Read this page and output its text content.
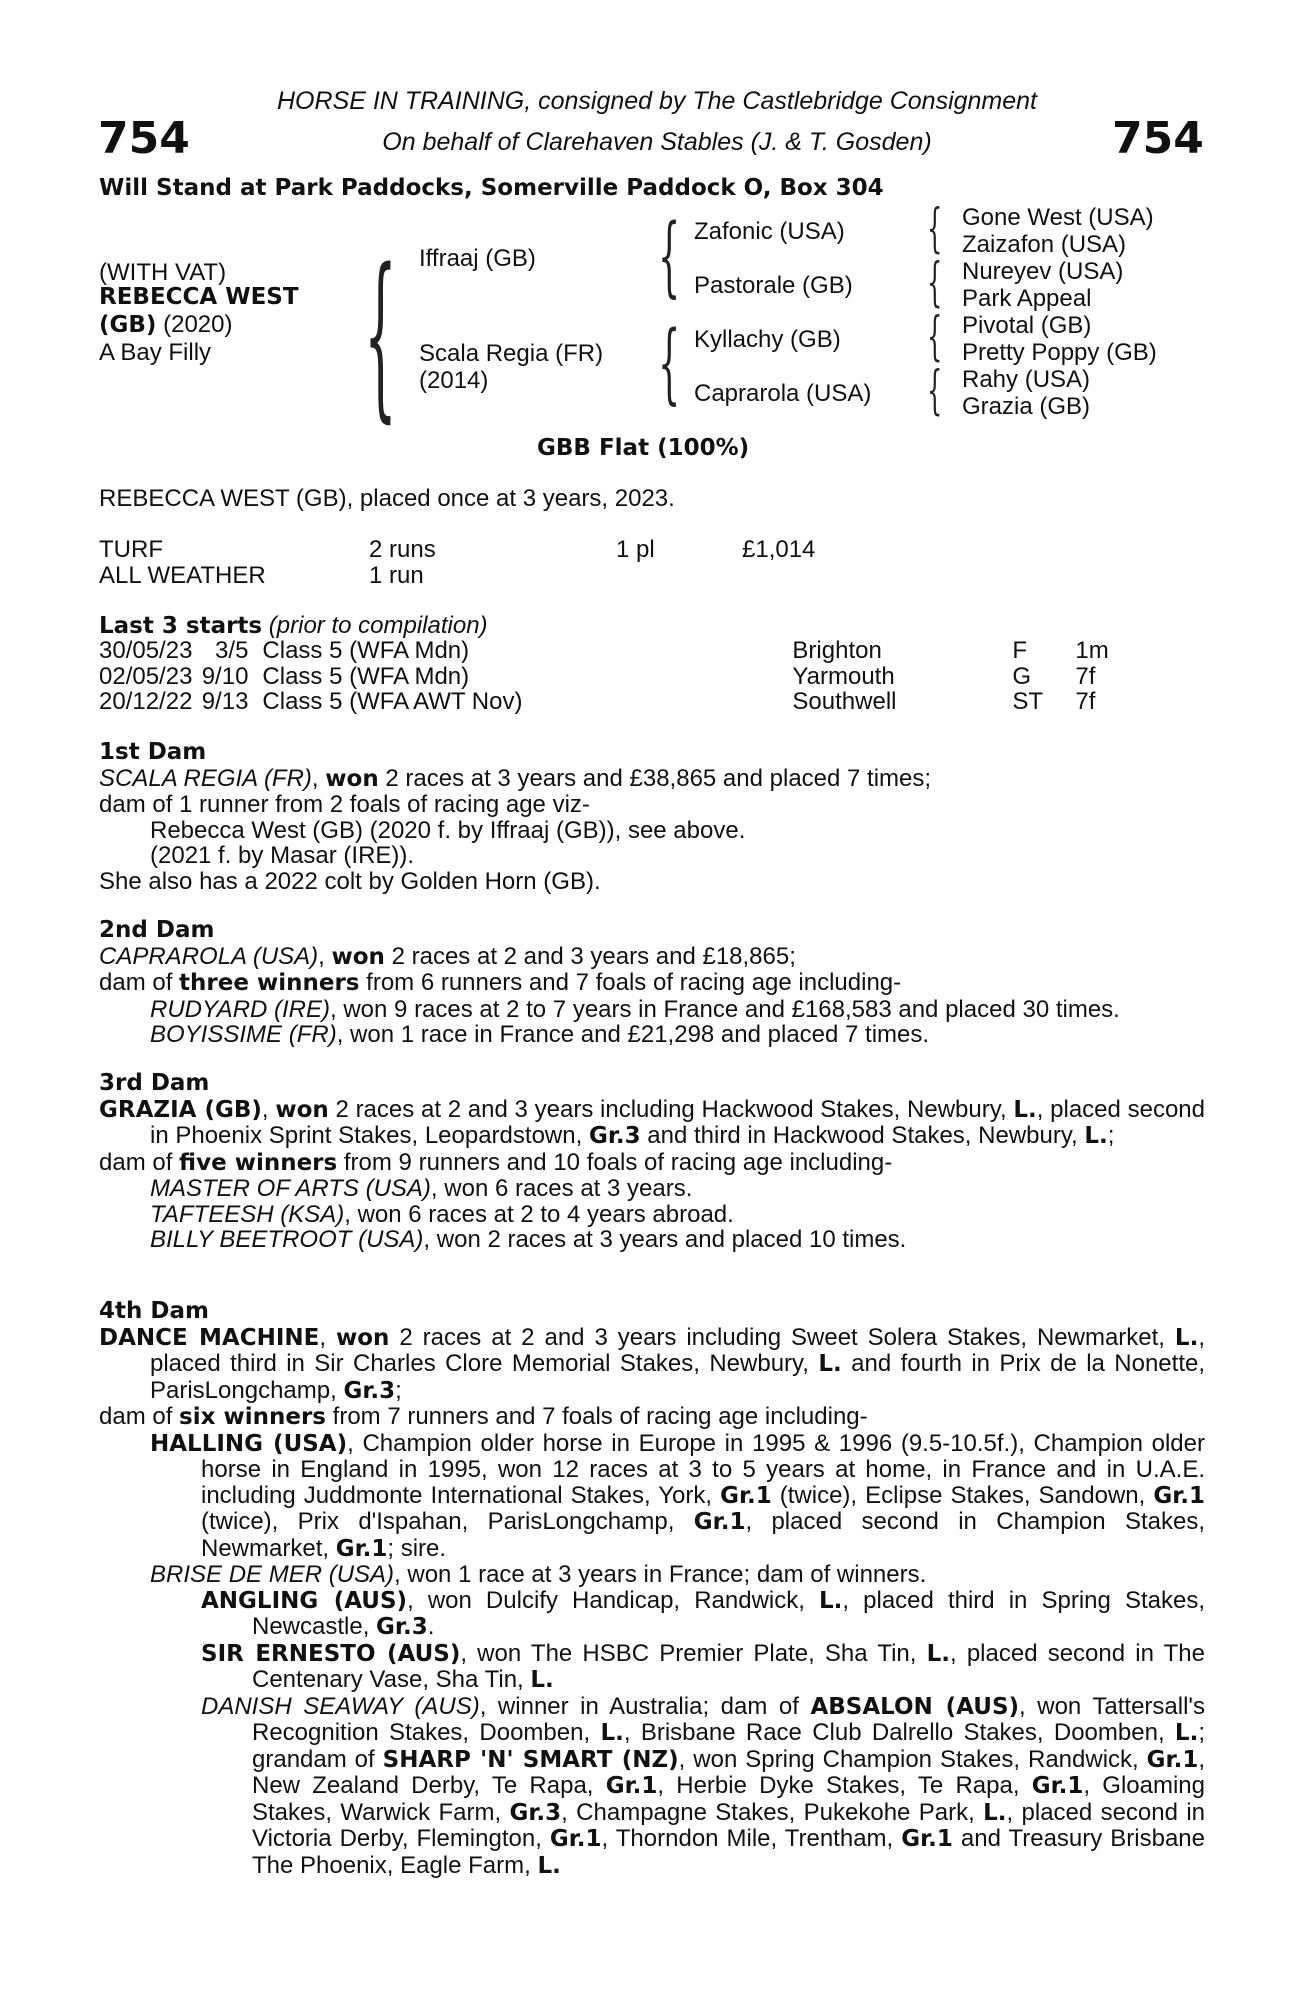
754	754
HORSE IN TRAINING, consigned by The Castlebridge Consignment
On behalf of Clarehaven Stables (J. & T. Gosden)
Will Stand at Park Paddocks, Somerville Paddock O, Box 304
(WITH VAT)
REBECCA WEST
(GB) (2020)
A Bay Filly {	{
{
{
{
{
{
Iffraaj (GB)
Scala Regia (FR)
(2014)
Zafonic (USA)
Pastorale (GB)
Kyllachy (GB)
Caprarola (USA)
Gone West (USA)
Zaizafon (USA)
Nureyev (USA)
Park Appeal
Pivotal (GB)
Pretty Poppy (GB)
Rahy (USA)
Grazia (GB)
GBB Flat (100%)
REBECCA WEST (GB), placed once at 3 years, 2023.
TURF	2 runs	1 pl	£1,014
ALL WEATHER	1 run
Last 3 starts (prior to compilation)
30/05/23	3/5	Class 5 (WFA Mdn)	Brighton	F	1m
02/05/23	9/10	Class 5 (WFA Mdn)	Yarmouth	G	7f
20/12/22	9/13	Class 5 (WFA AWT Nov)	Southwell	ST	7f
1st Dam
SCALA REGIA (FR), won 2 races at 3 years and £38,865 and placed 7 times;
dam of 1 runner from 2 foals of racing age viz-
Rebecca West (GB) (2020 f. by Iffraaj (GB)), see above.
(2021 f. by Masar (IRE)).
She also has a 2022 colt by Golden Horn (GB).
2nd Dam
CAPRAROLA (USA), won 2 races at 2 and 3 years and £18,865;
dam of three winners from 6 runners and 7 foals of racing age including-
RUDYARD (IRE), won 9 races at 2 to 7 years in France and £168,583 and placed 30 times.
BOYISSIME (FR), won 1 race in France and £21,298 and placed 7 times.
3rd Dam
GRAZIA (GB), won 2 races at 2 and 3 years including Hackwood Stakes, Newbury, L., placed second in Phoenix Sprint Stakes, Leopardstown, Gr.3 and third in Hackwood Stakes, Newbury, L.;
dam of five winners from 9 runners and 10 foals of racing age including-
MASTER OF ARTS (USA), won 6 races at 3 years.
TAFTEESH (KSA), won 6 races at 2 to 4 years abroad.
BILLY BEETROOT (USA), won 2 races at 3 years and placed 10 times.
4th Dam
DANCE MACHINE, won 2 races at 2 and 3 years including Sweet Solera Stakes, Newmarket, L., placed third in Sir Charles Clore Memorial Stakes, Newbury, L. and fourth in Prix de la Nonette, ParisLongchamp, Gr.3;
dam of six winners from 7 runners and 7 foals of racing age including-
HALLING (USA), Champion older horse in Europe in 1995 & 1996 (9.5-10.5f.), Champion older horse in England in 1995, won 12 races at 3 to 5 years at home, in France and in U.A.E. including Juddmonte International Stakes, York, Gr.1 (twice), Eclipse Stakes, Sandown, Gr.1 (twice), Prix d'Ispahan, ParisLongchamp, Gr.1, placed second in Champion Stakes, Newmarket, Gr.1; sire.
BRISE DE MER (USA), won 1 race at 3 years in France; dam of winners.
ANGLING (AUS), won Dulcify Handicap, Randwick, L., placed third in Spring Stakes, Newcastle, Gr.3.
SIR ERNESTO (AUS), won The HSBC Premier Plate, Sha Tin, L., placed second in The Centenary Vase, Sha Tin, L.
DANISH SEAWAY (AUS), winner in Australia; dam of ABSALON (AUS), won Tattersall's Recognition Stakes, Doomben, L., Brisbane Race Club Dalrello Stakes, Doomben, L.; grandam of SHARP 'N' SMART (NZ), won Spring Champion Stakes, Randwick, Gr.1, New Zealand Derby, Te Rapa, Gr.1, Herbie Dyke Stakes, Te Rapa, Gr.1, Gloaming Stakes, Warwick Farm, Gr.3, Champagne Stakes, Pukekohe Park, L., placed second in Victoria Derby, Flemington, Gr.1, Thorndon Mile, Trentham, Gr.1 and Treasury Brisbane The Phoenix, Eagle Farm, L.
